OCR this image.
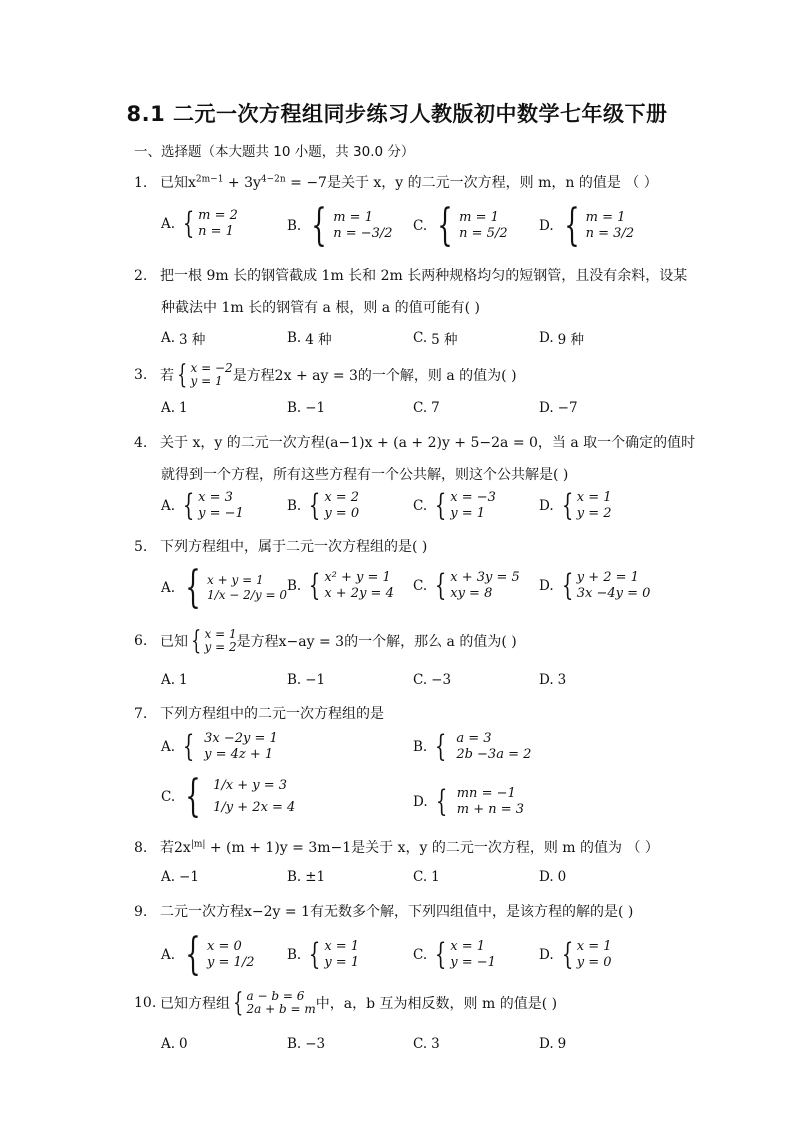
8.1 二元一次方程组同步练习人教版初中数学七年级下册
一、选择题（本大题共 10 小题，共 30.0 分）
1. 已知$x^{2m-1} + 3y^{4-2n} = -7$是关于 x，y 的二元一次方程，则 m，n 的值是 （ ）
A. { m = 2
n = 1	B. { m = 1
n = −3/2 C. { m = 1
n = 5/2 D. { m = 1
n = 3/2
2. 把一根 9m 长的钢管截成 1m 长和 2m 长两种规格均匀的短钢管，且没有余料，设某
种截法中 1m 长的钢管有 a 根，则 a 的值可能有( )
A. 3 种	B. 4 种	C. 5 种	D. 9 种
3. 若 { x = −2
y = 1 是方程2x + ay = 3的一个解，则 a 的值为( )
A. 1	B. −1	C. 7	D. −7
4. 关于 x，y 的二元一次方程(a−1)x + (a + 2)y + 5−2a = 0，当 a 取一个确定的值时
就得到一个方程，所有这些方程有一个公共解，则这个公共解是( )
A. { x = 3
y = −1	B. { x = 2
y = 0	C. { x = −3
y = 1	D. { x = 1
y = 2
5. 下列方程组中，属于二元一次方程组的是( )
A. { x + y = 1
1/x − 2/y = 0
B. { x² + y = 1
x + 2y = 4 C. { x + 3y = 5
xy = 8	D. { y + 2 = 1
3x −4y = 0
6. 已知 { x = 1
y = 2 是方程x−ay = 3的一个解，那么 a 的值为( )
A. 1	B. −1	C. −3	D. 3
7. 下列方程组中的二元一次方程组的是
A. { 3x −2y = 1
y = 4z + 1	B. { a = 3
2b −3a = 2
C. { 1/x + y = 3
1/y + 2x = 4	D. { mn = −1
m + n = 3
8. 若$2x^{|m|} + (m + 1)y = 3m-1$是关于 x，y 的二元一次方程，则 m 的值为 （ ）
A. −1	B. ±1	C. 1	D. 0
9. 二元一次方程x−2y = 1有无数多个解，下列四组值中，是该方程的解的是( )
A. { x = 0
y = 1/2 B. { x = 1
y = 1	C. { x = 1
y = −1	D. { x = 1
y = 0
10. 已知方程组 { a − b = 6
2a + b = m 中，a，b 互为相反数，则 m 的值是( )
A. 0	B. −3	C. 3	D. 9
